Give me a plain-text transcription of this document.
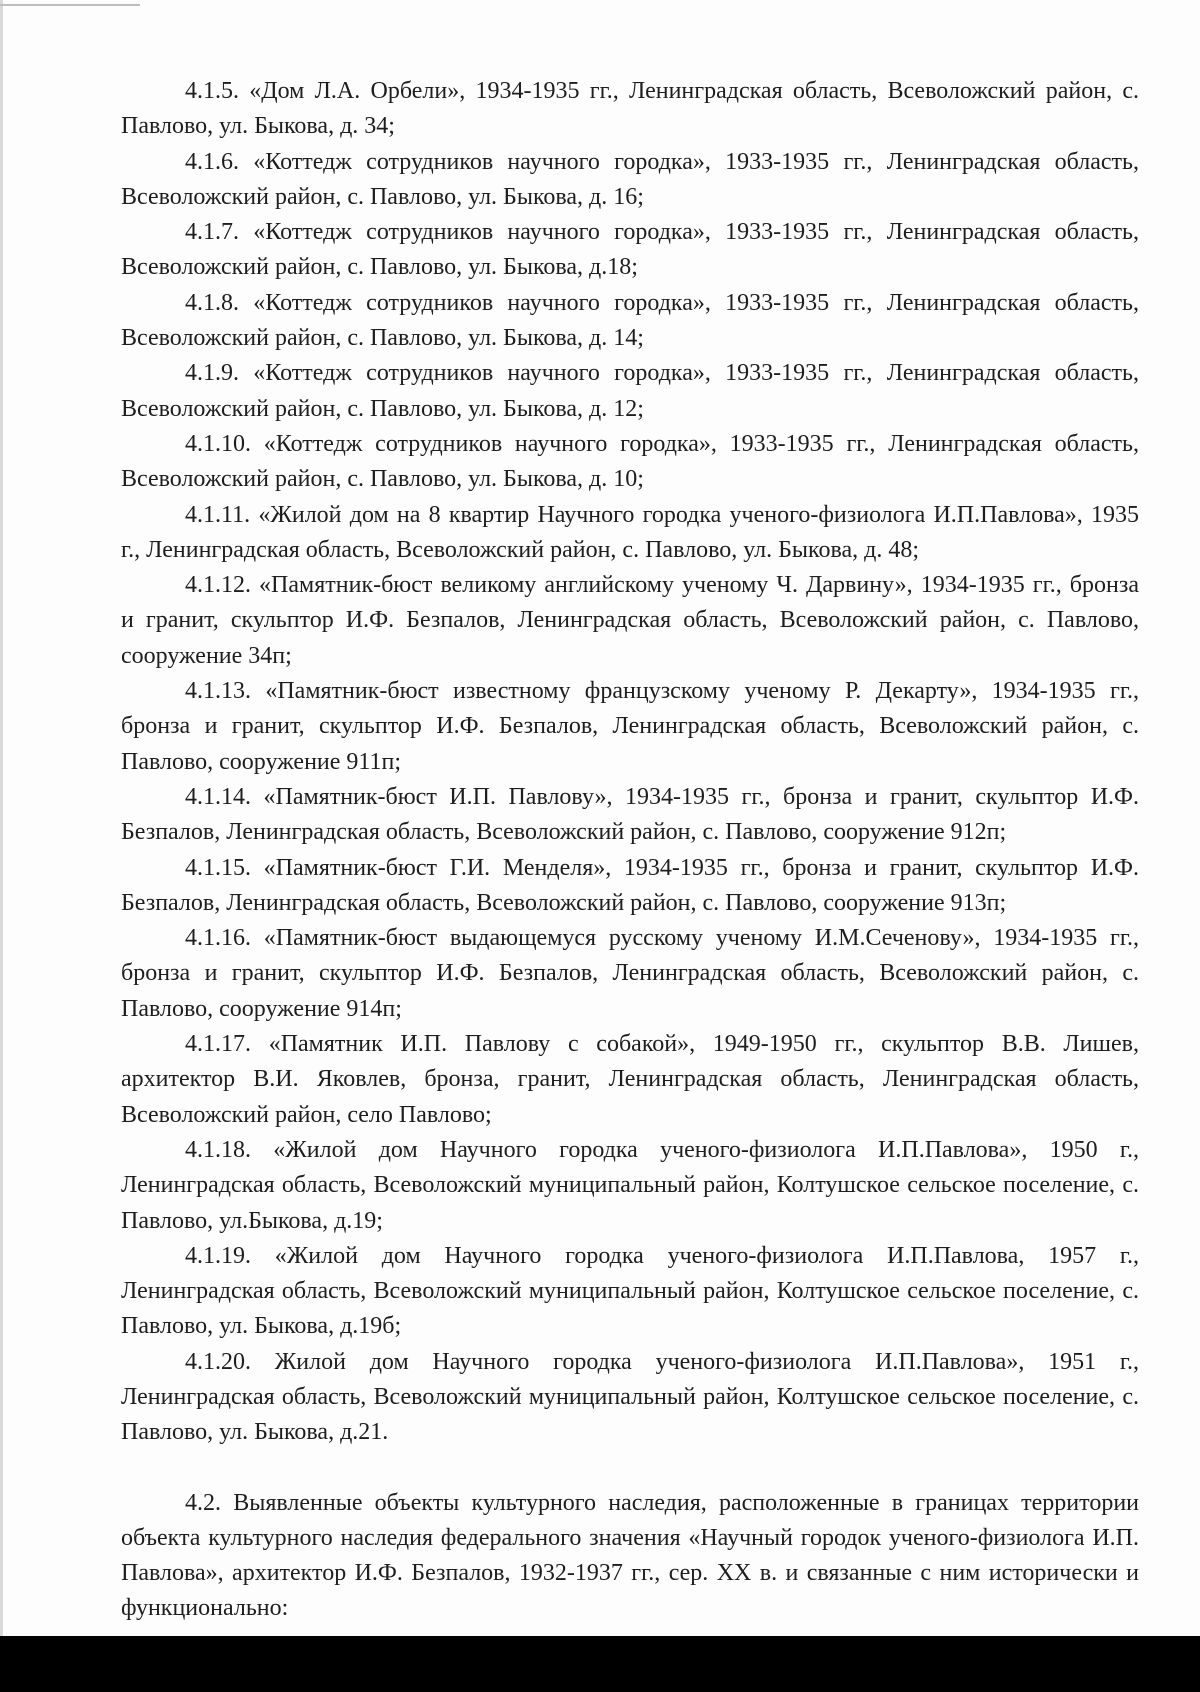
4.1.5. «Дом Л.А. Орбели», 1934-1935 гг., Ленинградская область, Всеволожский район, с. Павлово, ул. Быкова, д. 34;

4.1.6. «Коттедж сотрудников научного городка», 1933-1935 гг., Ленинградская область, Всеволожский район, с. Павлово, ул. Быкова, д. 16;

4.1.7. «Коттедж сотрудников научного городка», 1933-1935 гг., Ленинградская область, Всеволожский район, с. Павлово, ул. Быкова, д.18;

4.1.8. «Коттедж сотрудников научного городка», 1933-1935 гг., Ленинградская область, Всеволожский район, с. Павлово, ул. Быкова, д. 14;

4.1.9. «Коттедж сотрудников научного городка», 1933-1935 гг., Ленинградская область, Всеволожский район, с. Павлово, ул. Быкова, д. 12;

4.1.10. «Коттедж сотрудников научного городка», 1933-1935 гг., Ленинградская область, Всеволожский район, с. Павлово, ул. Быкова, д. 10;

4.1.11. «Жилой дом на 8 квартир Научного городка ученого-физиолога И.П.Павлова», 1935 г., Ленинградская область, Всеволожский район, с. Павлово, ул. Быкова, д. 48;

4.1.12. «Памятник-бюст великому английскому ученому Ч. Дарвину», 1934-1935 гг., бронза и гранит, скульптор И.Ф. Безпалов, Ленинградская область, Всеволожский район, с. Павлово, сооружение 34п;

4.1.13. «Памятник-бюст известному французскому ученому Р. Декарту», 1934-1935 гг., бронза и гранит, скульптор И.Ф. Безпалов, Ленинградская область, Всеволожский район, с. Павлово, сооружение 911п;

4.1.14. «Памятник-бюст И.П. Павлову», 1934-1935 гг., бронза и гранит, скульптор И.Ф. Безпалов, Ленинградская область, Всеволожский район, с. Павлово, сооружение 912п;

4.1.15. «Памятник-бюст Г.И. Менделя», 1934-1935 гг., бронза и гранит, скульптор И.Ф. Безпалов, Ленинградская область, Всеволожский район, с. Павлово, сооружение 913п;

4.1.16. «Памятник-бюст выдающемуся русскому ученому И.М.Сеченову», 1934-1935 гг., бронза и гранит, скульптор И.Ф. Безпалов, Ленинградская область, Всеволожский район, с. Павлово, сооружение 914п;

4.1.17. «Памятник И.П. Павлову с собакой», 1949-1950 гг., скульптор В.В. Лишев, архитектор В.И. Яковлев, бронза, гранит, Ленинградская область, Ленинградская область, Всеволожский район, село Павлово;

4.1.18. «Жилой дом Научного городка ученого-физиолога И.П.Павлова», 1950 г., Ленинградская область, Всеволожский муниципальный район, Колтушское сельское поселение, с. Павлово, ул.Быкова, д.19;

4.1.19. «Жилой дом Научного городка ученого-физиолога И.П.Павлова, 1957 г., Ленинградская область, Всеволожский муниципальный район, Колтушское сельское поселение, с. Павлово, ул. Быкова, д.19б;

4.1.20. Жилой дом Научного городка ученого-физиолога И.П.Павлова», 1951 г., Ленинградская область, Всеволожский муниципальный район, Колтушское сельское поселение, с. Павлово, ул. Быкова, д.21.

4.2. Выявленные объекты культурного наследия, расположенные в границах территории объекта культурного наследия федерального значения «Научный городок ученого-физиолога И.П. Павлова», архитектор И.Ф. Безпалов, 1932-1937 гг., сер. XX в. и связанные с ним исторически и функционально:
